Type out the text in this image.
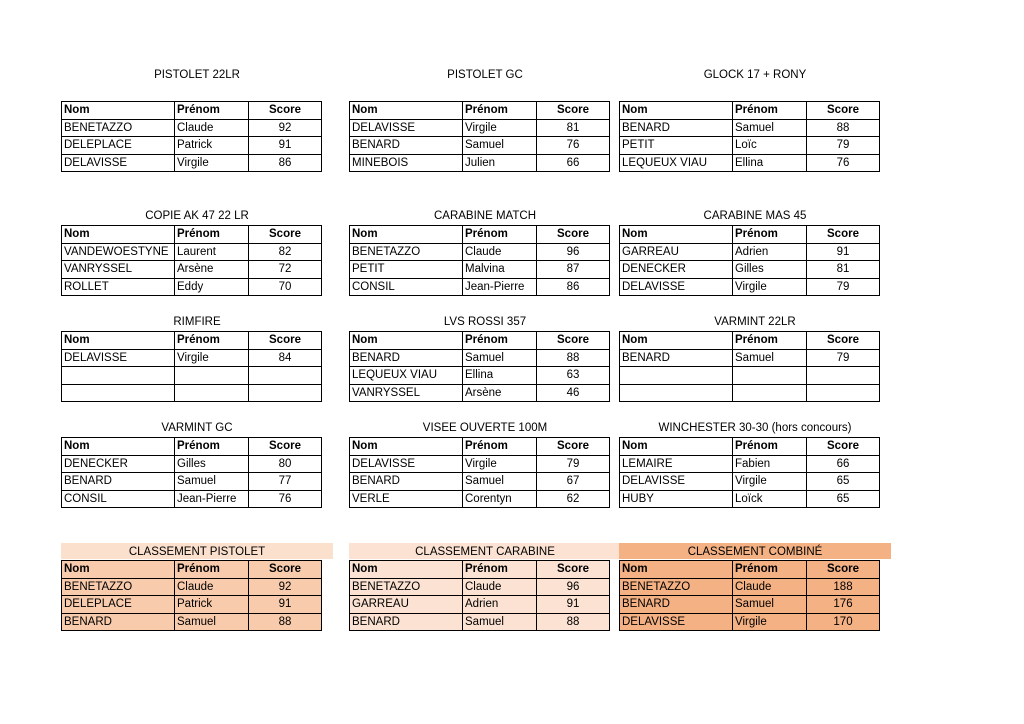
PISTOLET 22LR
Nom	Prénom	Score
BENETAZZO	Claude	92
DELEPLACE	Patrick	91
DELAVISSE	Virgile	86
PISTOLET GC
Nom	Prénom	Score
DELAVISSE	Virgile	81
BENARD	Samuel	76
MINEBOIS	Julien	66
GLOCK 17 + RONY
Nom	Prénom	Score
BENARD	Samuel	88
PETIT	Loïc	79
LEQUEUX VIAU	Ellina	76
COPIE AK 47 22 LR
Nom	Prénom	Score
VANDEWOESTYNE	Laurent	82
VANRYSSEL	Arsène	72
ROLLET	Eddy	70
CARABINE MATCH
Nom	Prénom	Score
BENETAZZO	Claude	96
PETIT	Malvina	87
CONSIL	Jean-Pierre	86
CARABINE MAS 45
Nom	Prénom	Score
GARREAU	Adrien	91
DENECKER	Gilles	81
DELAVISSE	Virgile	79
RIMFIRE
Nom	Prénom	Score
DELAVISSE	Virgile	84

LVS ROSSI 357
Nom	Prénom	Score
BENARD	Samuel	88
LEQUEUX VIAU	Ellina	63
VANRYSSEL	Arsène	46
VARMINT 22LR
Nom	Prénom	Score
BENARD	Samuel	79

VARMINT GC
Nom	Prénom	Score
DENECKER	Gilles	80
BENARD	Samuel	77
CONSIL	Jean-Pierre	76
VISEE OUVERTE 100M
Nom	Prénom	Score
DELAVISSE	Virgile	79
BENARD	Samuel	67
VERLE	Corentyn	62
WINCHESTER 30-30 (hors concours)
Nom	Prénom	Score
LEMAIRE	Fabien	66
DELAVISSE	Virgile	65
HUBY	Loïck	65
CLASSEMENT PISTOLET
Nom	Prénom	Score
BENETAZZO	Claude	92
DELEPLACE	Patrick	91
BENARD	Samuel	88
CLASSEMENT CARABINE
Nom	Prénom	Score
BENETAZZO	Claude	96
GARREAU	Adrien	91
BENARD	Samuel	88
CLASSEMENT COMBINÉ
Nom	Prénom	Score
BENETAZZO	Claude	188
BENARD	Samuel	176
DELAVISSE	Virgile	170
